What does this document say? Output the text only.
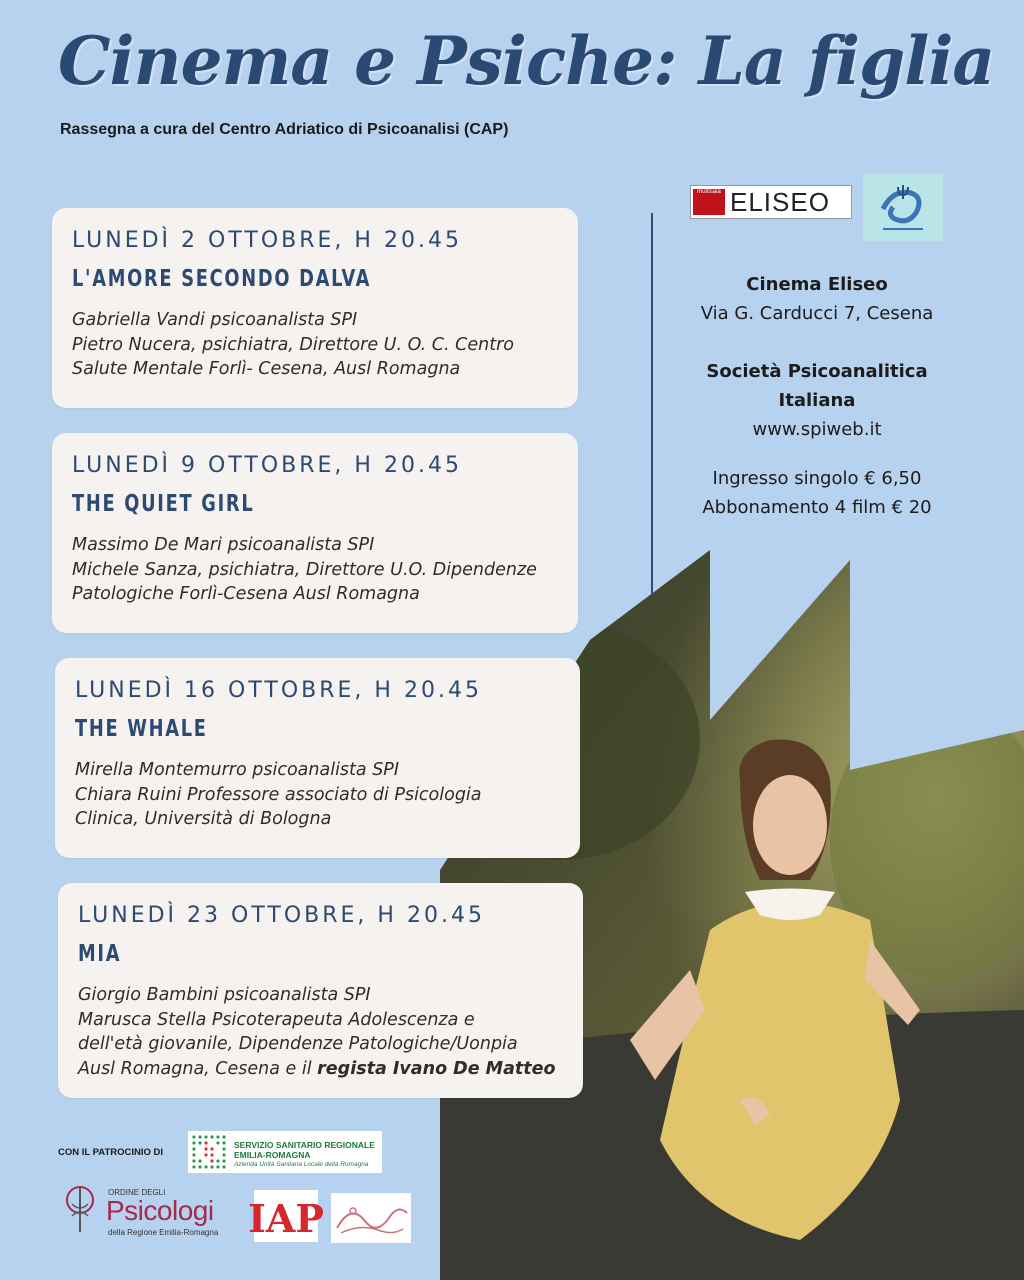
Cinema e Psiche: La figlia
Rassegna a cura del Centro Adriatico di Psicoanalisi (CAP)
LUNEDÌ 2 OTTOBRE, H 20.45
L'AMORE SECONDO DALVA
Gabriella Vandi psicoanalista SPI
Pietro Nucera, psichiatra, Direttore U. O. C. Centro
Salute Mentale Forlì- Cesena, Ausl Romagna
LUNEDÌ 9 OTTOBRE, H 20.45
THE QUIET GIRL
Massimo De Mari psicoanalista SPI
Michele Sanza, psichiatra, Direttore U.O. Dipendenze
Patologiche Forlì-Cesena Ausl Romagna
LUNEDÌ 16 OTTOBRE, H 20.45
THE WHALE
Mirella Montemurro psicoanalista SPI
Chiara Ruini Professore associato di Psicologia
Clinica, Università di Bologna
LUNEDÌ 23 OTTOBRE, H 20.45
MIA
Giorgio Bambini psicoanalista SPI
Marusca Stella Psicoterapeuta Adolescenza e
dell'età giovanile, Dipendenze Patologiche/Uonpia
Ausl Romagna, Cesena e il regista Ivano De Matteo
multisala ELISEO
Cinema Eliseo
Via G. Carducci 7, Cesena
Società Psicoanalitica
Italiana
www.spiweb.it
Ingresso singolo € 6,50
Abbonamento 4 film € 20
CON IL PATROCINIO DI
SERVIZIO SANITARIO REGIONALE
EMILIA-ROMAGNA
Azienda Unità Sanitaria Locale della Romagna
ORDINE DEGLI
Psicologi
della Regione Emilia-Romagna IAP
